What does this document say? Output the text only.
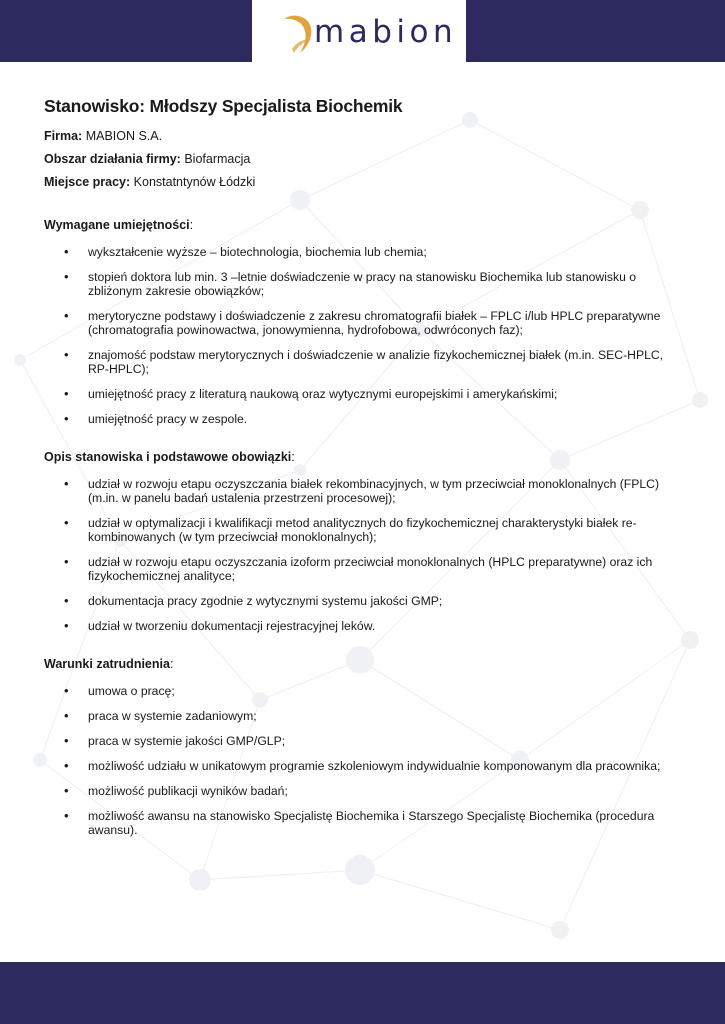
mabion
Stanowisko: Młodszy Specjalista Biochemik
Firma: MABION S.A.
Obszar działania firmy: Biofarmacja
Miejsce pracy: Konstatntynów Łódzki
Wymagane umiejętności:
• wykształcenie wyższe – biotechnologia, biochemia lub chemia;
• stopień doktora lub min. 3 –letnie doświadczenie w pracy na stanowisku Biochemika lub stanowisku o zbliżonym zakresie obowiązków;
• merytoryczne podstawy i doświadczenie z zakresu chromatografii białek – FPLC i/lub HPLC preparatywne (chromatografia powinowactwa, jonowymienna, hydrofobowa, odwróconych faz);
• znajomość podstaw merytorycznych i doświadczenie w analizie fizykochemicznej białek (m.in. SEC-HPLC, RP-HPLC);
• umiejętność pracy z literaturą naukową oraz wytycznymi europejskimi i amerykańskimi;
• umiejętność pracy w zespole.
Opis stanowiska i podstawowe obowiązki:
• udział w rozwoju etapu oczyszczania białek rekombinacyjnych, w tym przeciwciał monoklonalnych (FPLC) (m.in. w panelu badań ustalenia przestrzeni procesowej);
• udział w optymalizacji i kwalifikacji metod analitycznych do fizykochemicznej charakterystyki białek re-kombinowanych (w tym przeciwciał monoklonalnych);
• udział w rozwoju etapu oczyszczania izoform przeciwciał monoklonalnych (HPLC preparatywne) oraz ich fizykochemicznej analityce;
• dokumentacja pracy zgodnie z wytycznymi systemu jakości GMP;
• udział w tworzeniu dokumentacji rejestracyjnej leków.
Warunki zatrudnienia:
• umowa o pracę;
• praca w systemie zadaniowym;
• praca w systemie jakości GMP/GLP;
• możliwość udziału w unikatowym programie szkoleniowym indywidualnie komponowanym dla pracownika;
• możliwość publikacji wyników badań;
• możliwość awansu na stanowisko Specjalistę Biochemika i Starszego Specjalistę Biochemika (procedura awansu).
